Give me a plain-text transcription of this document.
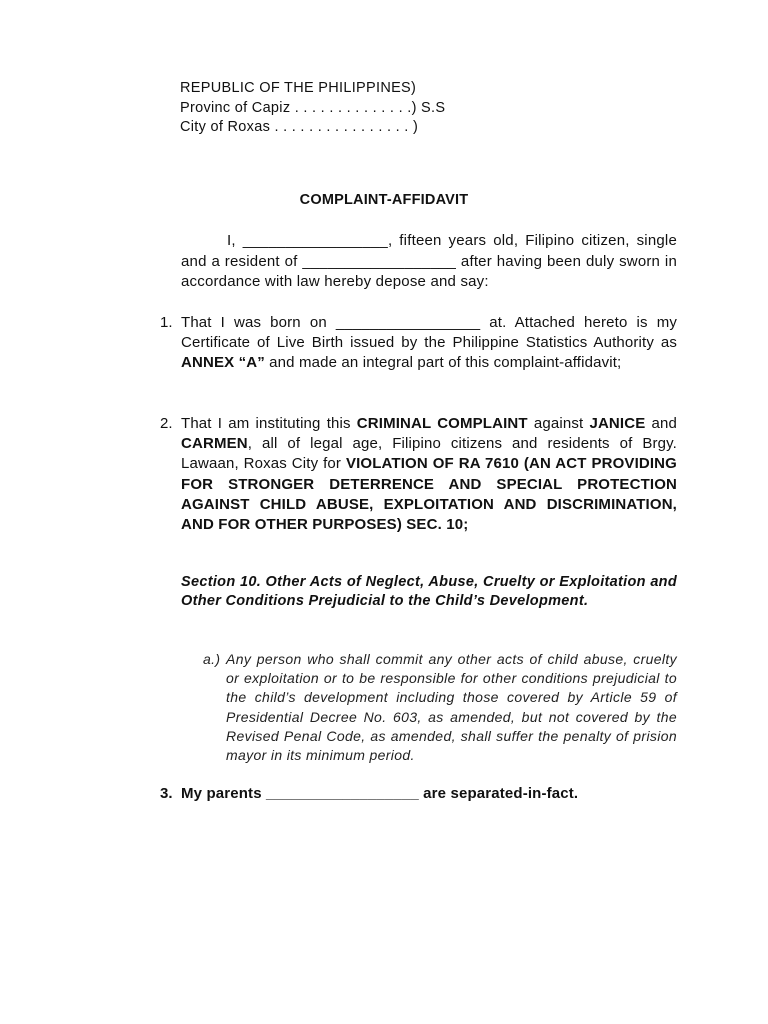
REPUBLIC OF THE PHILIPPINES)
Provinc of Capiz . . . . . . . . . . . . . .) S.S
City of Roxas . . . . . . . . . . . . . . . . )
COMPLAINT-AFFIDAVIT
I, _________________, fifteen years old, Filipino citizen, single and a resident of __________________ after having been duly sworn in accordance with law hereby depose and say:
1. That I was born on _________________ at. Attached hereto is my Certificate of Live Birth issued by the Philippine Statistics Authority as ANNEX “A” and made an integral part of this complaint-affidavit;
2. That I am instituting this CRIMINAL COMPLAINT against JANICE and CARMEN, all of legal age, Filipino citizens and residents of Brgy. Lawaan, Roxas City for VIOLATION OF RA 7610 (AN ACT PROVIDING FOR STRONGER DETERRENCE AND SPECIAL PROTECTION AGAINST CHILD ABUSE, EXPLOITATION AND DISCRIMINATION, AND FOR OTHER PURPOSES) SEC. 10;
Section 10. Other Acts of Neglect, Abuse, Cruelty or Exploitation and Other Conditions Prejudicial to the Child’s Development.
a.) Any person who shall commit any other acts of child abuse, cruelty or exploitation or to be responsible for other conditions prejudicial to the child’s development including those covered by Article 59 of Presidential Decree No. 603, as amended, but not covered by the Revised Penal Code, as amended, shall suffer the penalty of prision mayor in its minimum period.
3. My parents __________________ are separated-in-fact.
